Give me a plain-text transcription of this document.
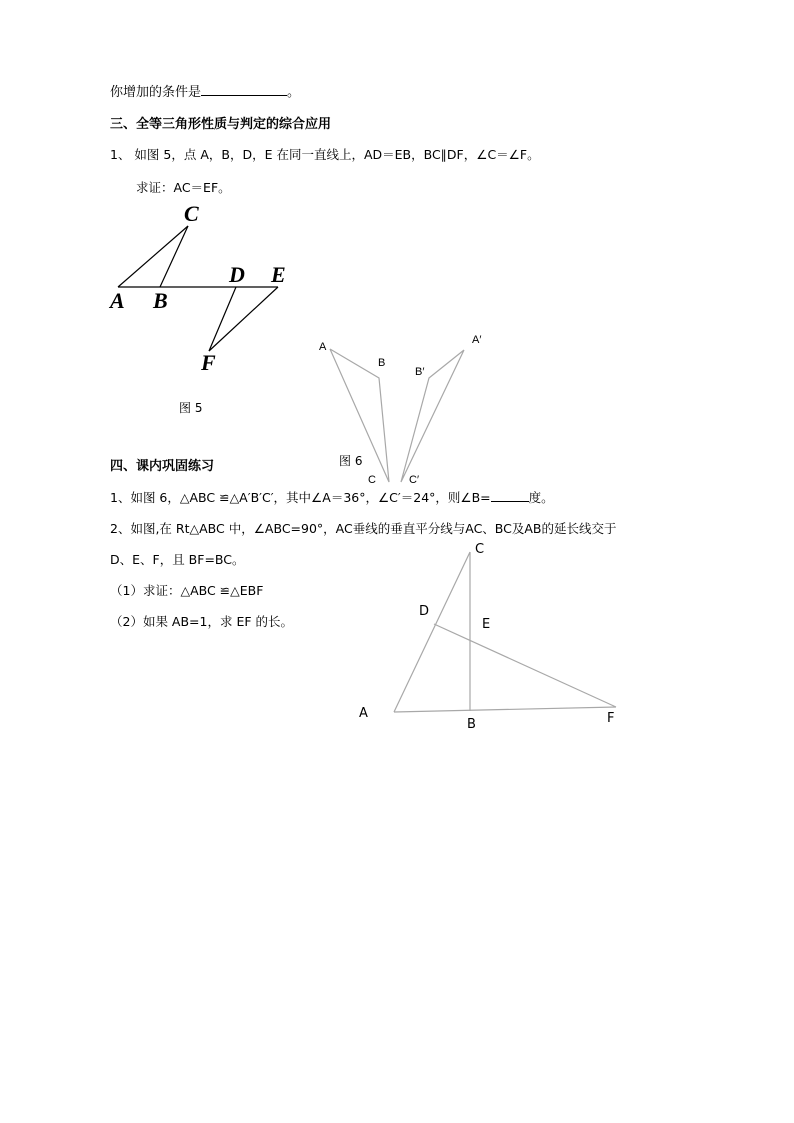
你增加的条件是	。
三、全等三角形性质与判定的综合应用
1、 如图 5，点 A，B，D，E 在同一直线上，AD＝EB，BC∥DF，∠C＝∠F。
求证：AC＝EF。
四、课内巩固练习
1、如图 6，△ABC ≌△A′B′C′，其中∠A＝36°，∠C′＝24°，则∠B=	度。
2、如图,在 Rt△ABC 中，∠ABC=90°，AC垂线的垂直平分线与AC、BC及AB的延长线交于
D、E、F，且 BF=BC。
（1）求证：△ABC ≌△EBF
（2）如果 AB=1，求 EF 的长。
C
D E
A B
F
图 5
A
B
B′
A′
C	C′
图 6
C
D
E
A
B	F
